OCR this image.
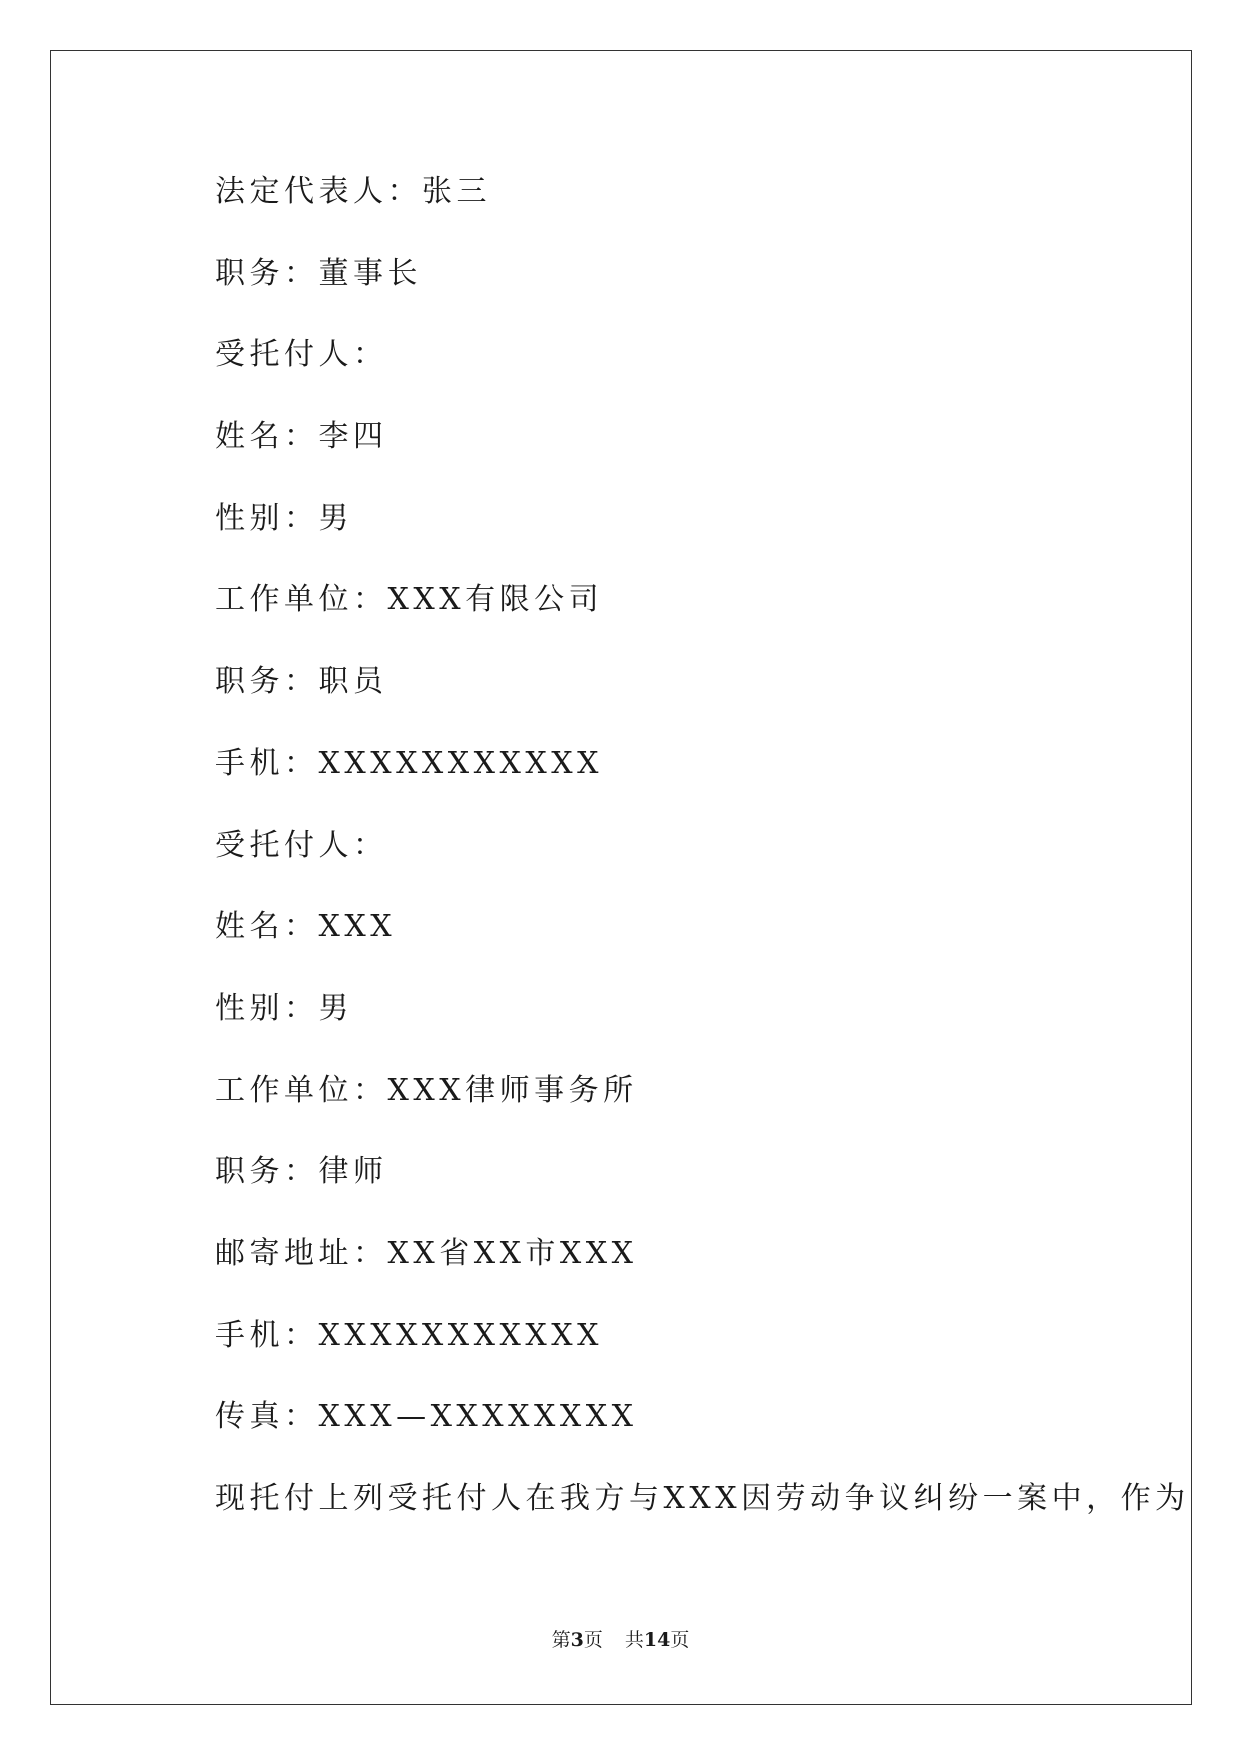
法定代表人：张三
职务：董事长
受托付人：
姓名：李四
性别：男
工作单位：XXX有限公司
职务：职员
手机：XXXXXXXXXXX
受托付人：
姓名：XXX
性别：男
工作单位：XXX律师事务所
职务：律师
邮寄地址：XX省XX市XXX
手机：XXXXXXXXXXX
传真：XXX—XXXXXXXX
现托付上列受托付人在我方与XXX因劳动争议纠纷一案中，作为
第3页 共14页
